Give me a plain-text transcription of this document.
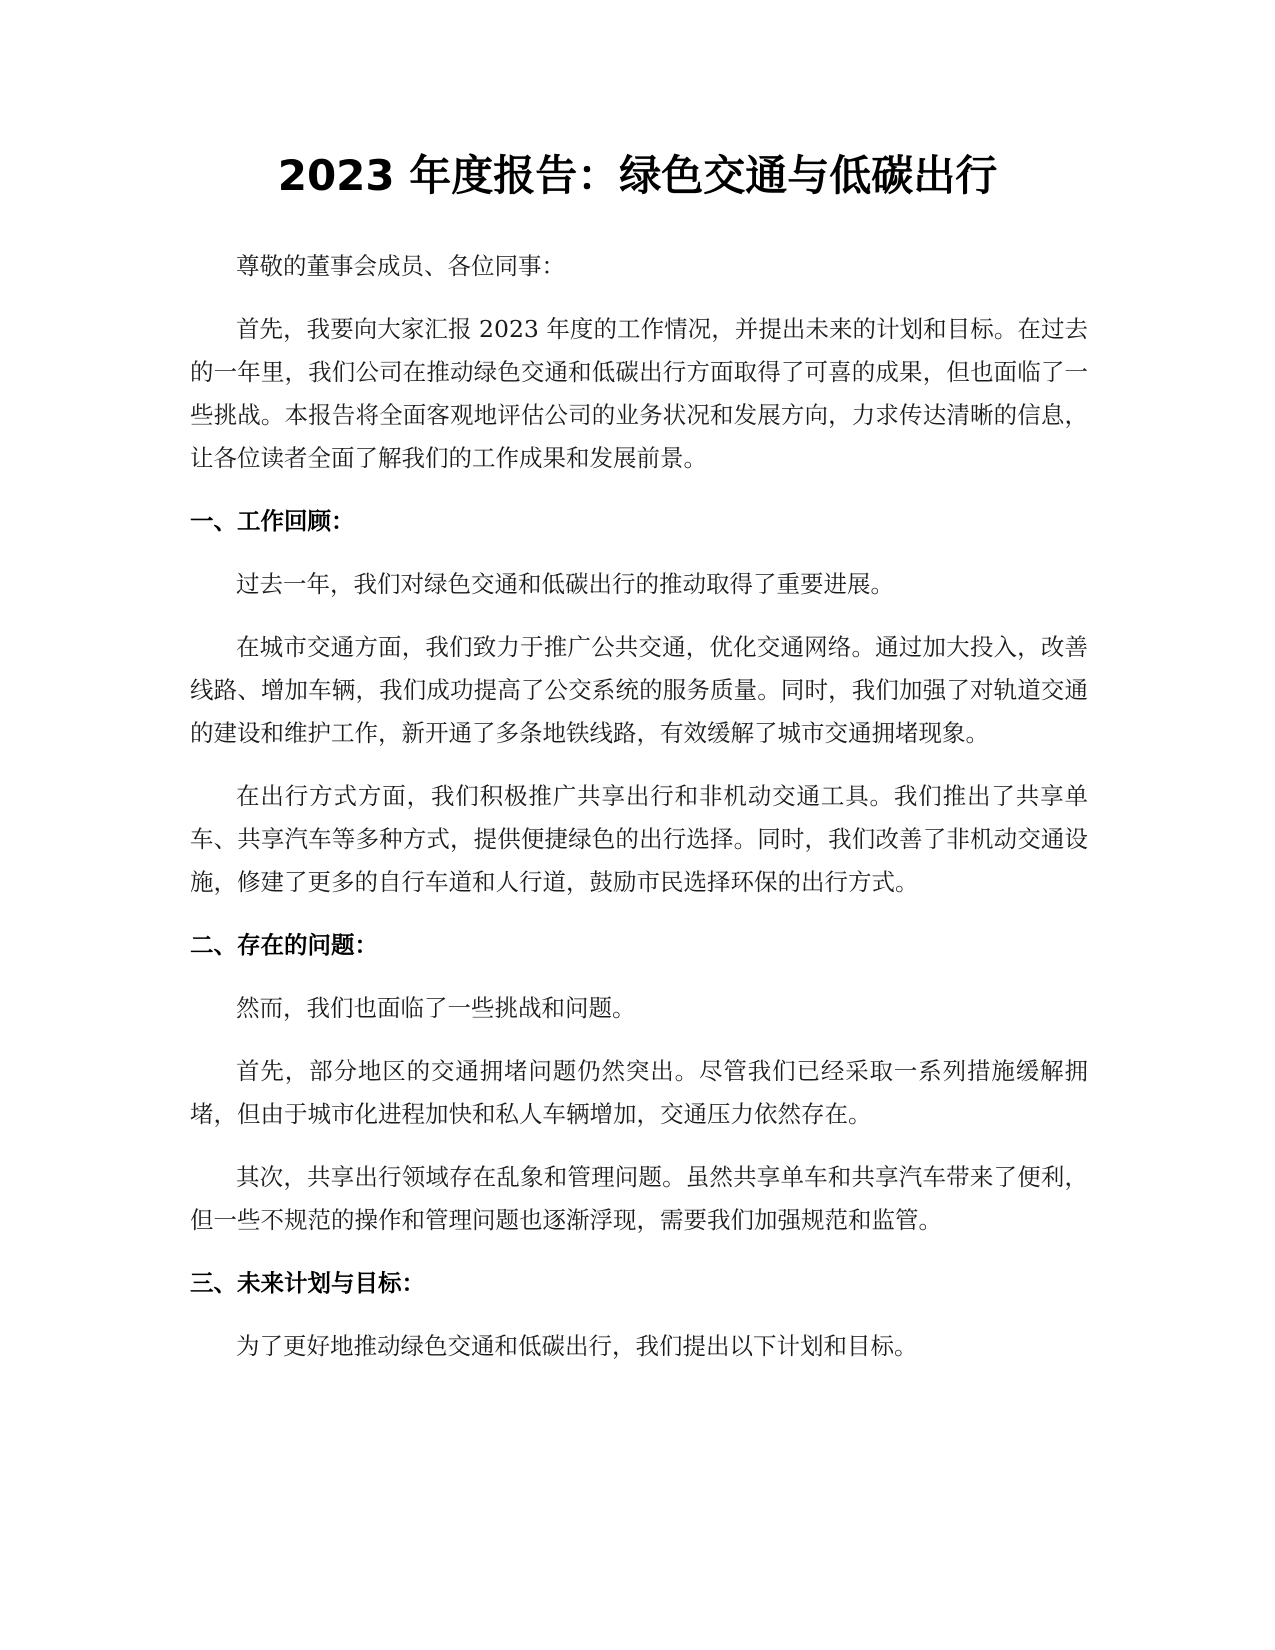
2023 年度报告：绿色交通与低碳出行

尊敬的董事会成员、各位同事：

首先，我要向大家汇报 2023 年度的工作情况，并提出未来的计划和目标。在过去的一年里，我们公司在推动绿色交通和低碳出行方面取得了可喜的成果，但也面临了一些挑战。本报告将全面客观地评估公司的业务状况和发展方向，力求传达清晰的信息，让各位读者全面了解我们的工作成果和发展前景。

一、工作回顾：

过去一年，我们对绿色交通和低碳出行的推动取得了重要进展。

在城市交通方面，我们致力于推广公共交通，优化交通网络。通过加大投入，改善线路、增加车辆，我们成功提高了公交系统的服务质量。同时，我们加强了对轨道交通的建设和维护工作，新开通了多条地铁线路，有效缓解了城市交通拥堵现象。

在出行方式方面，我们积极推广共享出行和非机动交通工具。我们推出了共享单车、共享汽车等多种方式，提供便捷绿色的出行选择。同时，我们改善了非机动交通设施，修建了更多的自行车道和人行道，鼓励市民选择环保的出行方式。

二、存在的问题：

然而，我们也面临了一些挑战和问题。

首先，部分地区的交通拥堵问题仍然突出。尽管我们已经采取一系列措施缓解拥堵，但由于城市化进程加快和私人车辆增加，交通压力依然存在。

其次，共享出行领域存在乱象和管理问题。虽然共享单车和共享汽车带来了便利，但一些不规范的操作和管理问题也逐渐浮现，需要我们加强规范和监管。

三、未来计划与目标：

为了更好地推动绿色交通和低碳出行，我们提出以下计划和目标。
